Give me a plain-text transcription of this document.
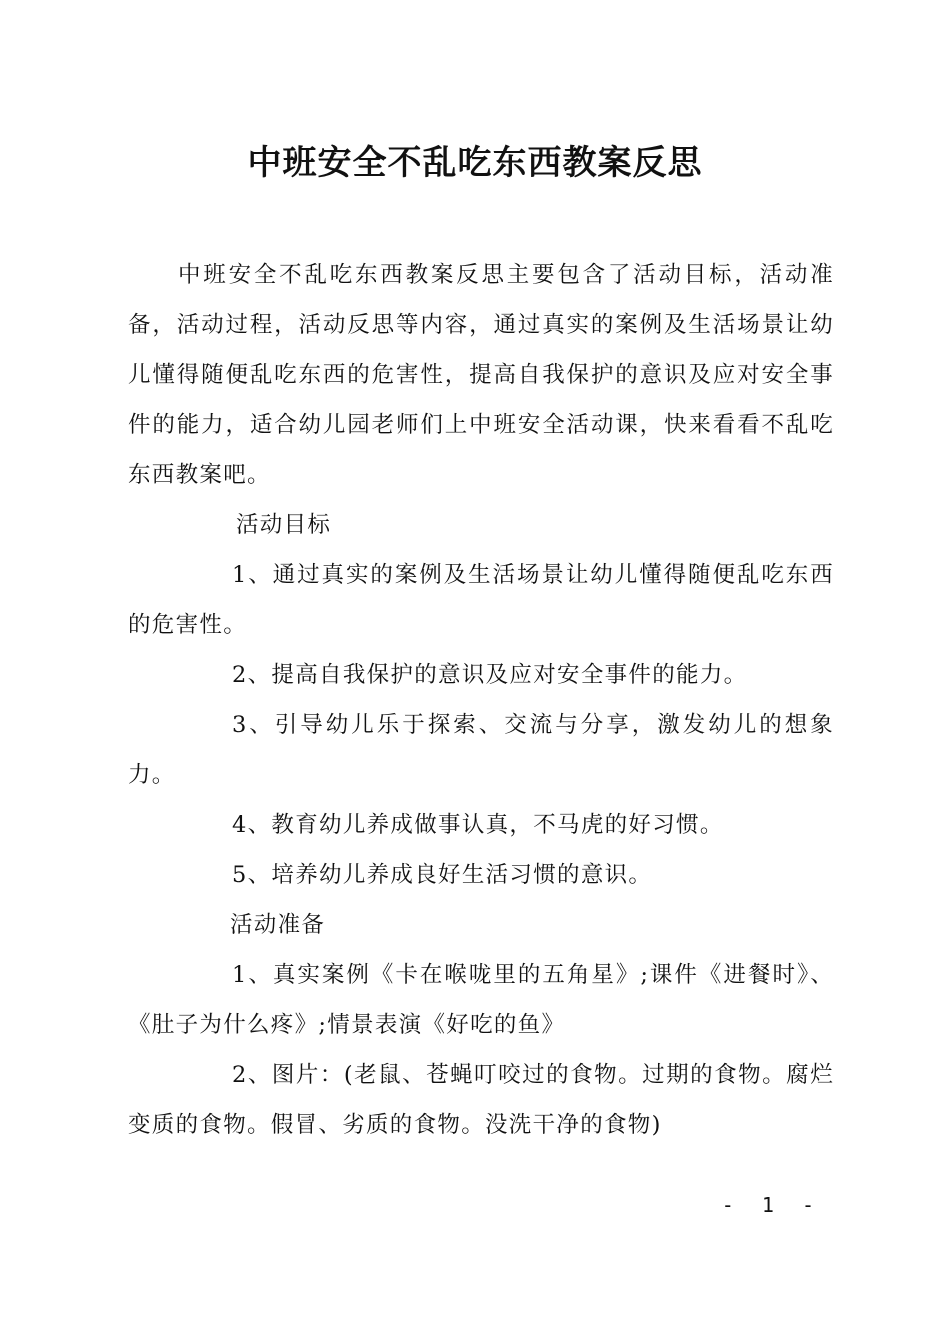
中班安全不乱吃东西教案反思

中班安全不乱吃东西教案反思主要包含了活动目标，活动准备，活动过程，活动反思等内容，通过真实的案例及生活场景让幼儿懂得随便乱吃东西的危害性，提高自我保护的意识及应对安全事件的能力，适合幼儿园老师们上中班安全活动课，快来看看不乱吃东西教案吧。

活动目标

1、通过真实的案例及生活场景让幼儿懂得随便乱吃东西的危害性。

2、提高自我保护的意识及应对安全事件的能力。

3、引导幼儿乐于探索、交流与分享，激发幼儿的想象力。

4、教育幼儿养成做事认真，不马虎的好习惯。

5、培养幼儿养成良好生活习惯的意识。

活动准备

1、真实案例《卡在喉咙里的五角星》;课件《进餐时》、《肚子为什么疼》;情景表演《好吃的鱼》

2、图片：(老鼠、苍蝇叮咬过的食物。过期的食物。腐烂变质的食物。假冒、劣质的食物。没洗干净的食物)

- 1 -
